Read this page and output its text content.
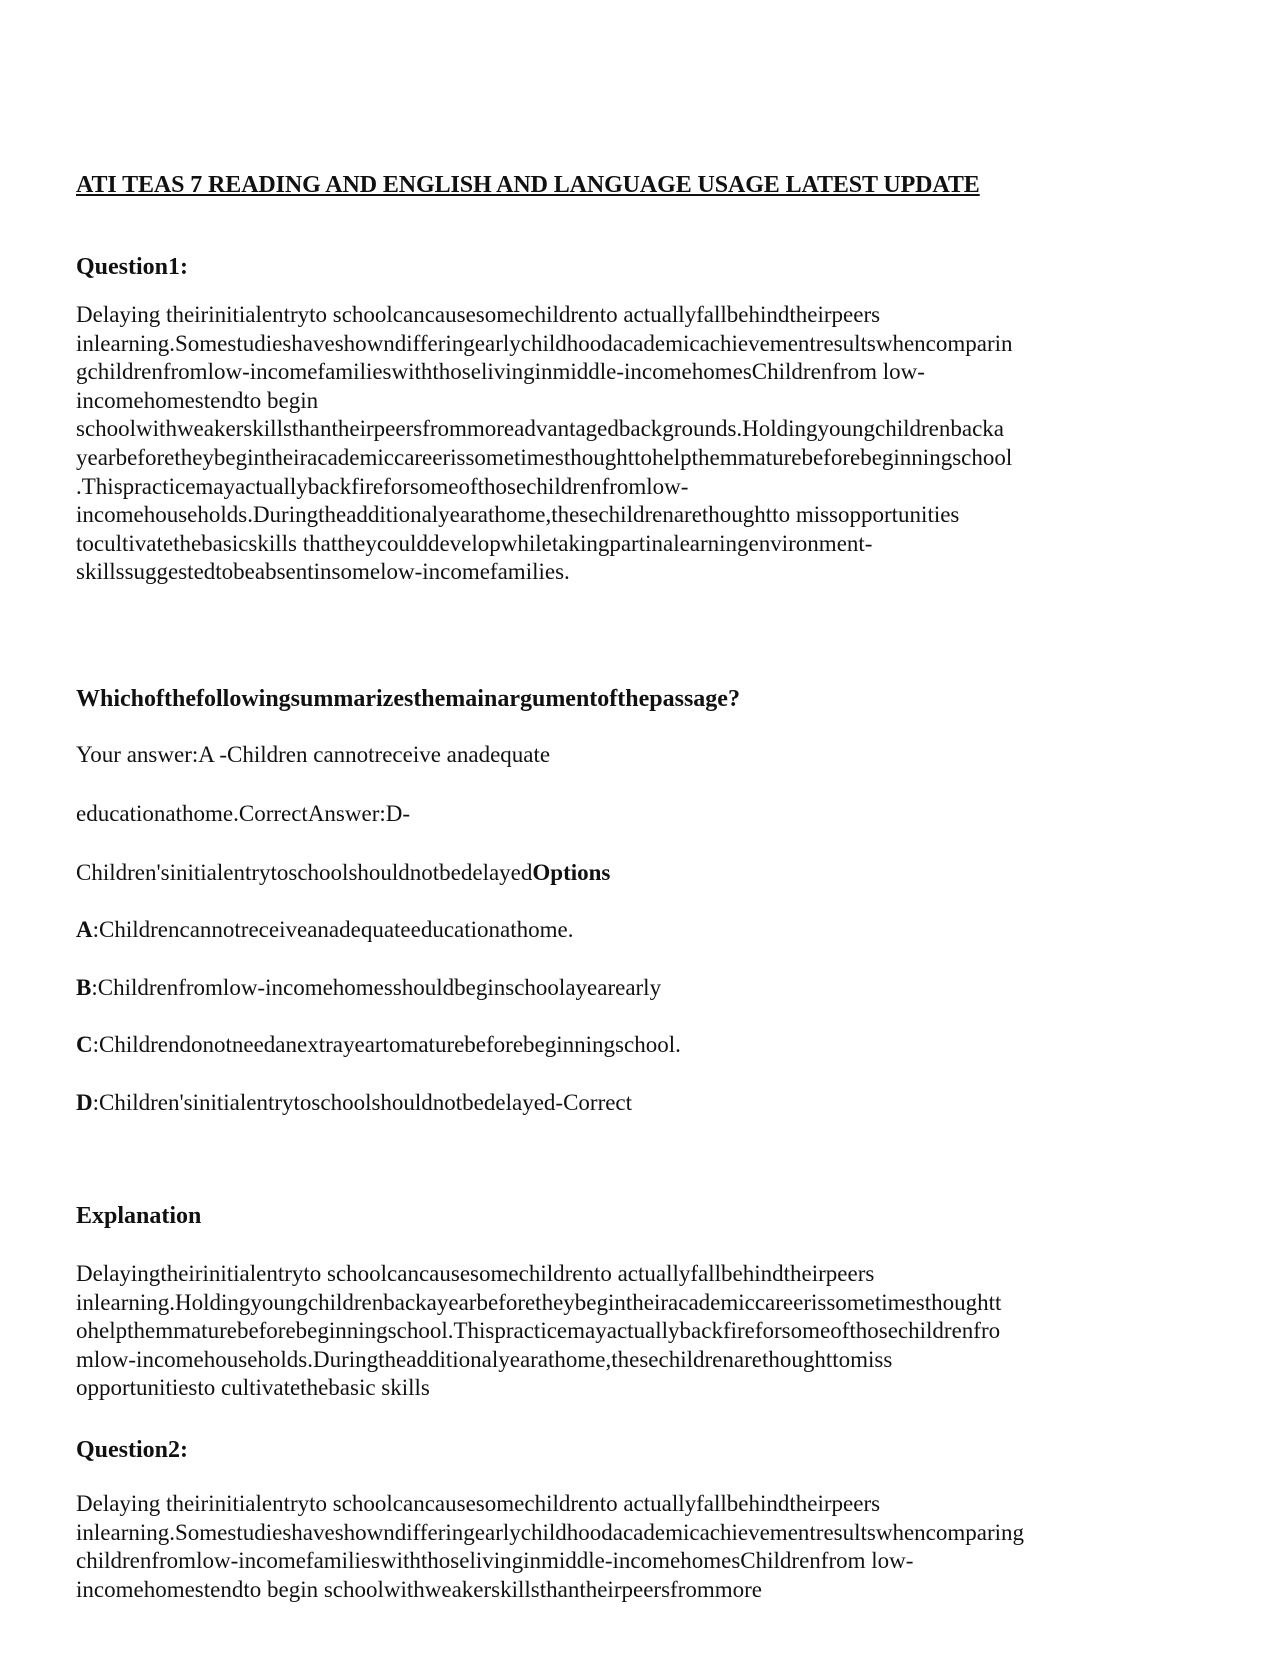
ATI TEAS 7 READING AND ENGLISH AND LANGUAGE USAGE LATEST UPDATE
Question1:
Delaying theirinitialentryto schoolcancausesomechildrento actuallyfallbehindtheirpeers
inlearning.Somestudieshaveshowndifferingearlychildhoodacademicachievementresultswhencomparin
gchildrenfromlow-incomefamilieswiththoselivinginmiddle-incomehomesChildrenfrom low-
incomehomestendto begin
schoolwithweakerskillsthantheirpeersfrommoreadvantagedbackgrounds.Holdingyoungchildrenbacka
yearbeforetheybegintheiracademiccareerissometimesthoughttohelpthemmaturebeforebeginningschool
.Thispracticemayactuallybackfireforsomeofthosechildrenfromlow-
incomehouseholds.Duringtheadditionalyearathome,thesechildrenarethoughtto missopportunities
tocultivatethebasicskills thattheycoulddevelopwhiletakingpartinalearningenvironment-
skillssuggestedtobeabsentinsomelow-incomefamilies.
Whichofthefollowingsummarizesthemainargumentofthepassage?

Your answer:A -Children cannotreceive anadequate

educationathome.CorrectAnswer:D-

Children'sinitialentrytoschoolshouldnotbedelayedOptions

A:Childrencannotreceiveanadequateeducationathome.

B:Childrenfromlow-incomehomesshouldbeginschoolayearearly

C:Childrendonotneedanextrayeartomaturebeforebeginningschool.

D:Children'sinitialentrytoschoolshouldnotbedelayed-Correct

Explanation
Delayingtheirinitialentryto schoolcancausesomechildrento actuallyfallbehindtheirpeers
inlearning.Holdingyoungchildrenbackayearbeforetheybegintheiracademiccareerissometimesthoughtt
ohelpthemmaturebeforebeginningschool.Thispracticemayactuallybackfireforsomeofthosechildrenfro
mlow-incomehouseholds.Duringtheadditionalyearathome,thesechildrenarethoughttomiss
opportunitiesto cultivatethebasic skills
Question2:
Delaying theirinitialentryto schoolcancausesomechildrento actuallyfallbehindtheirpeers
inlearning.Somestudieshaveshowndifferingearlychildhoodacademicachievementresultswhencomparing
childrenfromlow-incomefamilieswiththoselivinginmiddle-incomehomesChildrenfrom low-
incomehomestendto begin schoolwithweakerskillsthantheirpeersfrommore
